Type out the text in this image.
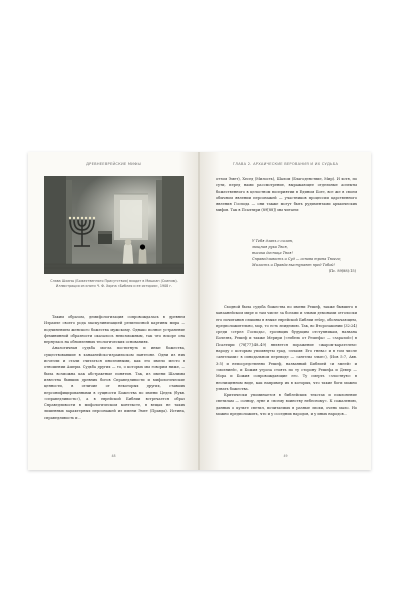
ДРЕВНЕЕВРЕЙСКИЕ МИФЫ
Слава Шхины (Божественного Присутствия) входит в Мишкан (Скинию).
Иллюстрация из книги Ч. Ф. Хорна «Библия и ее история», 1908 г.

Таким образом, демифологизация сопровождалась в древнем Израиле своего рода маскулинизацией религиозной картины мира — подчинением женского божества мужскому. Однако полное устранение фемининной образности оказалось невозможным, так что вскоре она вернулась на обновленных теологических основаниях.

Аналогичная судьба могла постигнуть и иные божества, существовавшие в ханаанейско-израильском пантеоне. Одни из них исчезли и стали считаться иноземными, как это имело место в отношении Ашеры. Судьба других — то, о которых мы говорим ниже, — была возможна как абстрактные понятия. Так, из имени Шалимы известна бывших древних богов Справедливости и мифологические ценности, в отличие от некоторых других, ставших персонифицированными в сущности Божества по имени Цедек (букв. «справедливость»), а в еврейской Библии встречается образ Справедливости в мифологическом контексте, в вещах не таких лишенных характерных персонажей из имени Эмет (Правда). Истина, справедливость и...

48
ГЛАВА 2. АРХАИЧЕСКИЕ ВЕРОВАНИЯ И ИХ СУДЬБА

оттом Эмет), Хесед (Милость), Шалом (Благоденствие, Мир). И хотя, по сути, перед нами рассмотрение, выражающее отдельные аспекты божественного в целостном восприятии в Едином Боге, все же в своем обычном явлении персонажей — участников процессии царственного явления Господа — они также могут быть рудиментами архаических мифов. Так в Псалтири (89[88]) мы читаем:

У Тебя длань с силою,
мощная рука Твоя,
высока десница Твоя!
Справедливость и Суд — основа трона Твоего;
Милость и Правда выступают пред Тобой!
(Пс. 89(88):15)

Сходной была судьба божества по имени Решеф, также бывшего в ханаанейском мире и там числе за богами и злыми демонами отголоски его почитания слышны в языке еврейской Библии rešep, обозначающем, предположительно, мор, то есть эпидемию. Так, во Второзаконии (32:24) среди «стрел Господа», грозящих будущим отступникам, названа Болезнь, Решеф и также Мерири («гибель от Решефа» — «заразой») в Псалтири (78[77]:48–49) является поражение «жаром-карателем» народу с которым упомянуты град, «пламя: Его гнева» и в том числе «ангелами» в синодальном переводе — «ангелы злые»), (Иов 5:7, Авв. 3:5) и непосредственно Решеф, названный Библией «и змеей» и «молнией», и Божия угроза стоять по ту сторону Решефа и Девер — Мора и Божия сопровождающие его. Ту смерть «злостную» в неочищенном виде, как например их в которых, что такие боги можно узнать божества.

Критически упоминается в библейских текстах и поклонение светилам — солнцу, луне и «всему воинству небесному». К сожалению, данных о культе светил, почитаемых в разные эпохи, очень мало. Но можно предположить, что и у соседних народов, и у иных народов...

49
